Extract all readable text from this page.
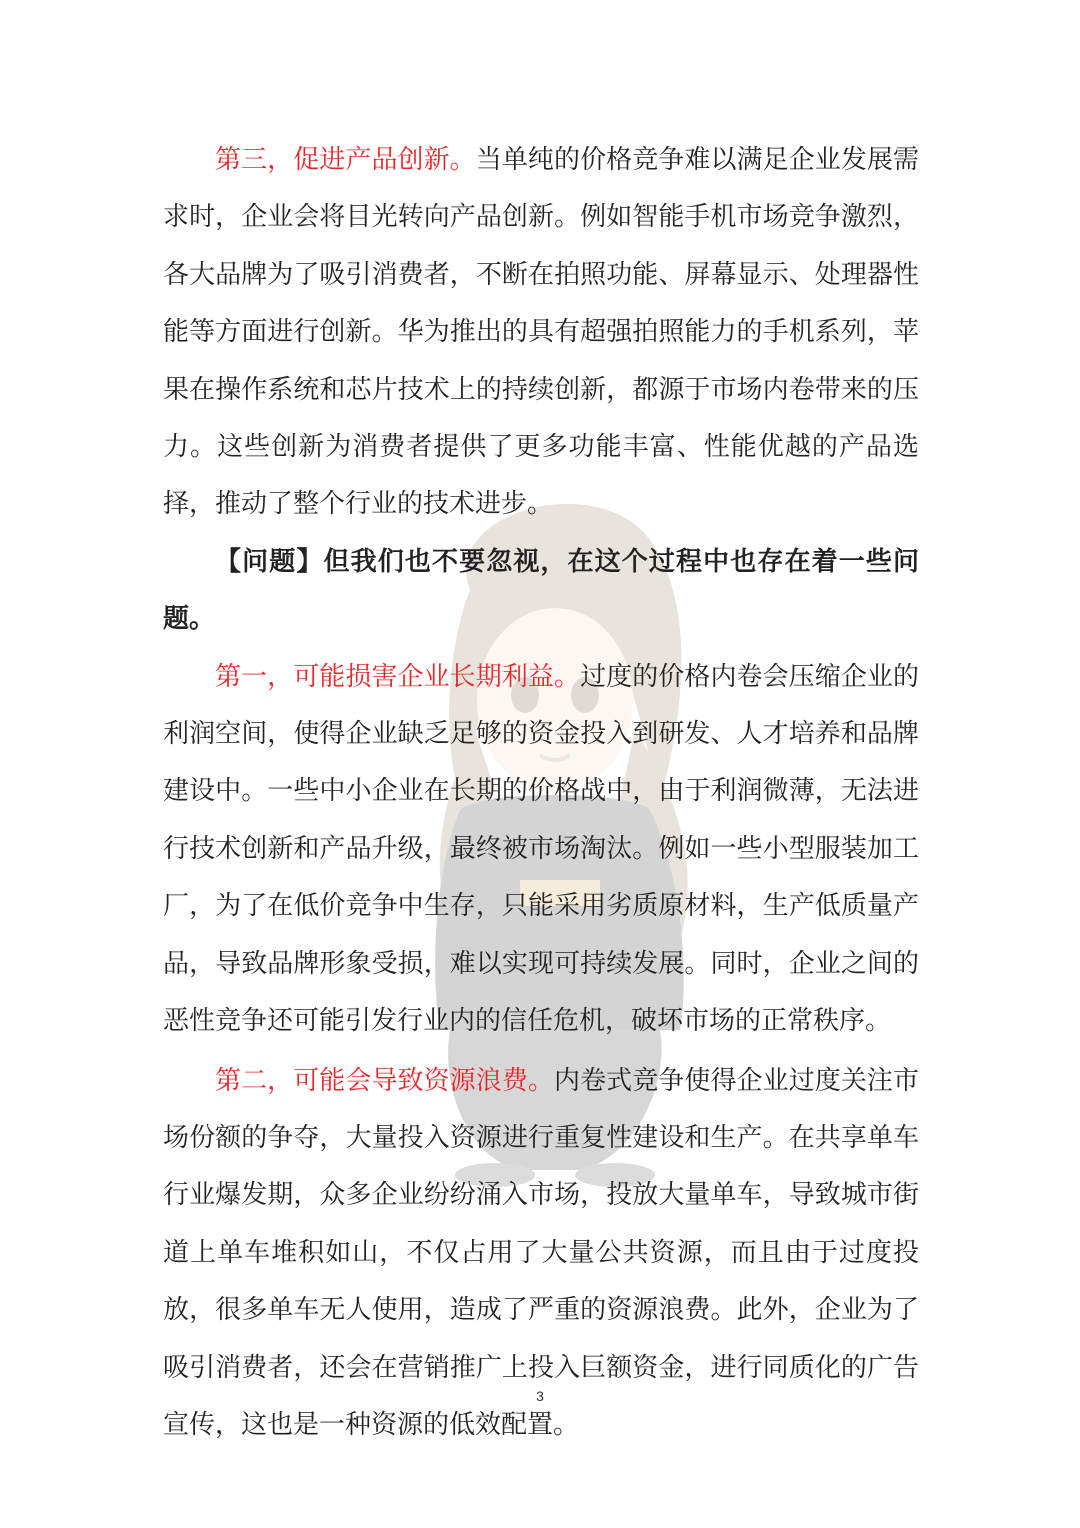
第三，促进产品创新。当单纯的价格竞争难以满足企业发展需求时，企业会将目光转向产品创新。例如智能手机市场竞争激烈，各大品牌为了吸引消费者，不断在拍照功能、屏幕显示、处理器性能等方面进行创新。华为推出的具有超强拍照能力的手机系列，苹果在操作系统和芯片技术上的持续创新，都源于市场内卷带来的压力。这些创新为消费者提供了更多功能丰富、性能优越的产品选择，推动了整个行业的技术进步。

【问题】但我们也不要忽视，在这个过程中也存在着一些问题。

第一，可能损害企业长期利益。过度的价格内卷会压缩企业的利润空间，使得企业缺乏足够的资金投入到研发、人才培养和品牌建设中。一些中小企业在长期的价格战中，由于利润微薄，无法进行技术创新和产品升级，最终被市场淘汰。例如一些小型服装加工厂，为了在低价竞争中生存，只能采用劣质原材料，生产低质量产品，导致品牌形象受损，难以实现可持续发展。同时，企业之间的恶性竞争还可能引发行业内的信任危机，破坏市场的正常秩序。

第二，可能会导致资源浪费。内卷式竞争使得企业过度关注市场份额的争夺，大量投入资源进行重复性建设和生产。在共享单车行业爆发期，众多企业纷纷涌入市场，投放大量单车，导致城市街道上单车堆积如山，不仅占用了大量公共资源，而且由于过度投放，很多单车无人使用，造成了严重的资源浪费。此外，企业为了吸引消费者，还会在营销推广上投入巨额资金，进行同质化的广告宣传，这也是一种资源的低效配置。

3
